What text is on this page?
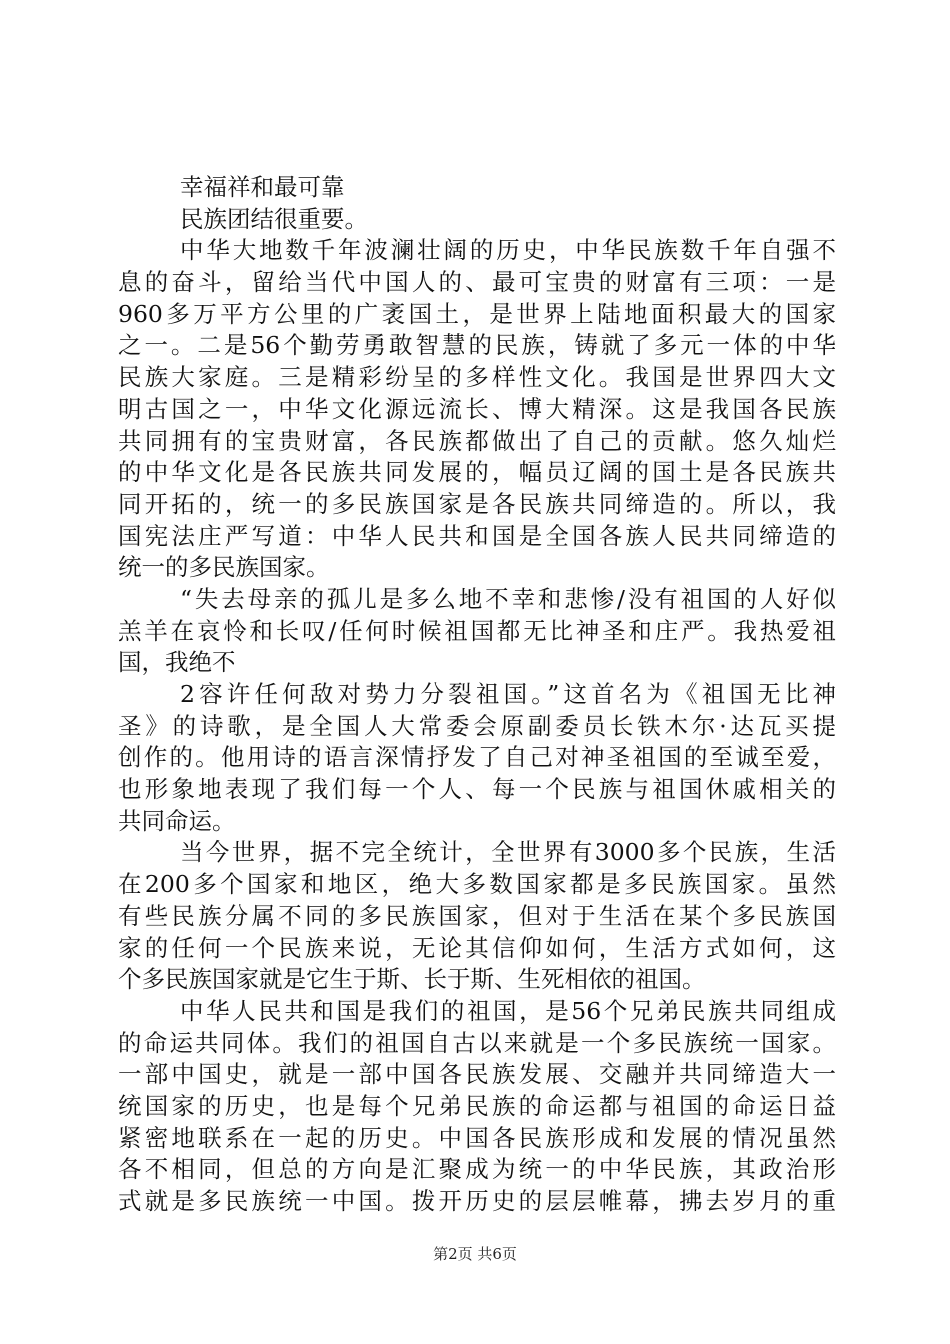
幸福祥和最可靠
民族团结很重要。
中华大地数千年波澜壮阔的历史，中华民族数千年自强不
息的奋斗，留给当代中国人的、最可宝贵的财富有三项：一是
960多万平方公里的广袤国土，是世界上陆地面积最大的国家
之一。二是56个勤劳勇敢智慧的民族，铸就了多元一体的中华
民族大家庭。三是精彩纷呈的多样性文化。我国是世界四大文
明古国之一，中华文化源远流长、博大精深。这是我国各民族
共同拥有的宝贵财富，各民族都做出了自己的贡献。悠久灿烂
的中华文化是各民族共同发展的，幅员辽阔的国土是各民族共
同开拓的，统一的多民族国家是各民族共同缔造的。所以，我
国宪法庄严写道：中华人民共和国是全国各族人民共同缔造的
统一的多民族国家。
“失去母亲的孤儿是多么地不幸和悲惨/没有祖国的人好似
羔羊在哀怜和长叹/任何时候祖国都无比神圣和庄严。我热爱祖
国，我绝不
2容许任何敌对势力分裂祖国。”这首名为《祖国无比神
圣》的诗歌，是全国人大常委会原副委员长铁木尔·达瓦买提
创作的。他用诗的语言深情抒发了自己对神圣祖国的至诚至爱，
也形象地表现了我们每一个人、每一个民族与祖国休戚相关的
共同命运。
当今世界，据不完全统计，全世界有3000多个民族，生活
在200多个国家和地区，绝大多数国家都是多民族国家。虽然
有些民族分属不同的多民族国家，但对于生活在某个多民族国
家的任何一个民族来说，无论其信仰如何，生活方式如何，这
个多民族国家就是它生于斯、长于斯、生死相依的祖国。
中华人民共和国是我们的祖国，是56个兄弟民族共同组成
的命运共同体。我们的祖国自古以来就是一个多民族统一国家。
一部中国史，就是一部中国各民族发展、交融并共同缔造大一
统国家的历史，也是每个兄弟民族的命运都与祖国的命运日益
紧密地联系在一起的历史。中国各民族形成和发展的情况虽然
各不相同，但总的方向是汇聚成为统一的中华民族，其政治形
式就是多民族统一中国。拨开历史的层层帷幕，拂去岁月的重
第2页 共6页
